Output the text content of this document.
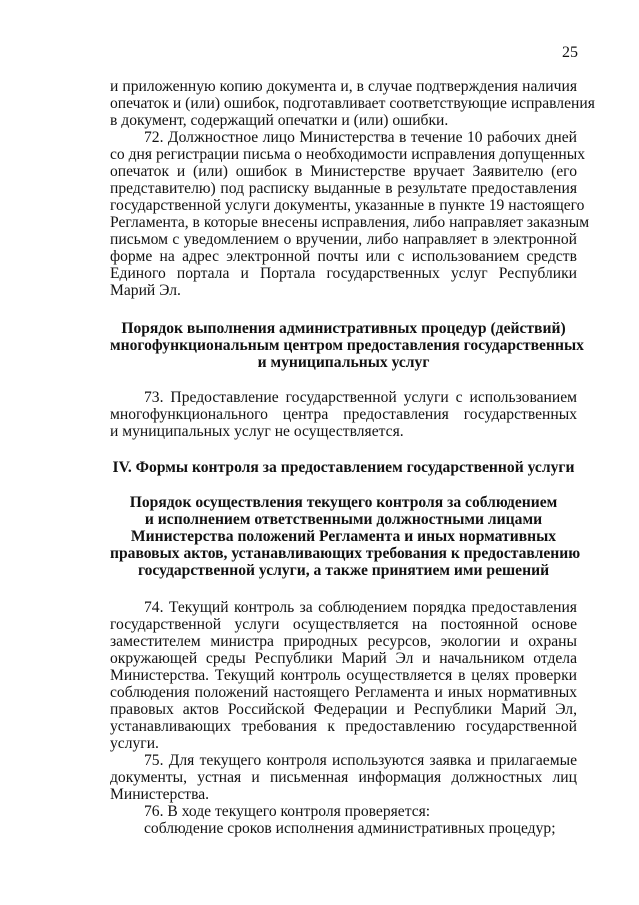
25
и приложенную копию документа и, в случае подтверждения наличия
опечаток и (или) ошибок, подготавливает соответствующие исправления
в документ, содержащий опечатки и (или) ошибки.
72. Должностное лицо Министерства в течение 10 рабочих дней
со дня регистрации письма о необходимости исправления допущенных
опечаток и (или) ошибок в Министерстве вручает Заявителю (его
представителю) под расписку выданные в результате предоставления
государственной услуги документы, указанные в пункте 19 настоящего
Регламента, в которые внесены исправления, либо направляет заказным
письмом с уведомлением о вручении, либо направляет в электронной
форме на адрес электронной почты или с использованием средств
Единого портала и Портала государственных услуг Республики
Марий Эл.
Порядок выполнения административных процедур (действий)
многофункциональным центром предоставления государственных
и муниципальных услуг
73. Предоставление государственной услуги с использованием
многофункционального центра предоставления государственных
и муниципальных услуг не осуществляется.
IV. Формы контроля за предоставлением государственной услуги
Порядок осуществления текущего контроля за соблюдением
и исполнением ответственными должностными лицами
Министерства положений Регламента и иных нормативных
правовых актов, устанавливающих требования к предоставлению
государственной услуги, а также принятием ими решений
74. Текущий контроль за соблюдением порядка предоставления
государственной услуги осуществляется на постоянной основе
заместителем министра природных ресурсов, экологии и охраны
окружающей среды Республики Марий Эл и начальником отдела
Министерства. Текущий контроль осуществляется в целях проверки
соблюдения положений настоящего Регламента и иных нормативных
правовых актов Российской Федерации и Республики Марий Эл,
устанавливающих требования к предоставлению государственной
услуги.
75. Для текущего контроля используются заявка и прилагаемые
документы, устная и письменная информация должностных лиц
Министерства.
76. В ходе текущего контроля проверяется:
соблюдение сроков исполнения административных процедур;
